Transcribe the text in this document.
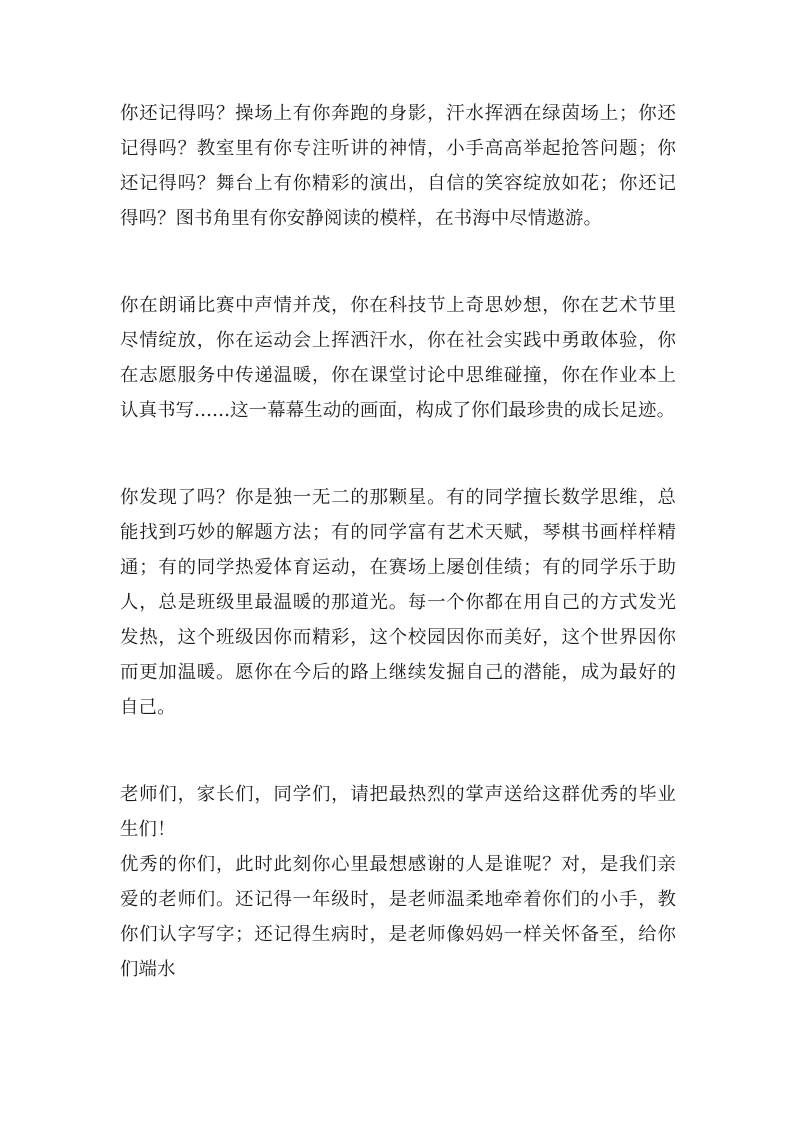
你还记得吗？操场上有你奔跑的身影，汗水挥洒在绿茵场上；你还记得吗？教室里有你专注听讲的神情，小手高高举起抢答问题；你还记得吗？舞台上有你精彩的演出，自信的笑容绽放如花；你还记得吗？图书角里有你安静阅读的模样，在书海中尽情遨游。

你在朗诵比赛中声情并茂，你在科技节上奇思妙想，你在艺术节里尽情绽放，你在运动会上挥洒汗水，你在社会实践中勇敢体验，你在志愿服务中传递温暖，你在课堂讨论中思维碰撞，你在作业本上认真书写......这一幕幕生动的画面，构成了你们最珍贵的成长足迹。

你发现了吗？你是独一无二的那颗星。有的同学擅长数学思维，总能找到巧妙的解题方法；有的同学富有艺术天赋，琴棋书画样样精通；有的同学热爱体育运动，在赛场上屡创佳绩；有的同学乐于助人，总是班级里最温暖的那道光。每一个你都在用自己的方式发光发热，这个班级因你而精彩，这个校园因你而美好，这个世界因你而更加温暖。愿你在今后的路上继续发掘自己的潜能，成为最好的自己。

老师们，家长们，同学们，请把最热烈的掌声送给这群优秀的毕业生们！

优秀的你们，此时此刻你心里最想感谢的人是谁呢？对，是我们亲爱的老师们。还记得一年级时，是老师温柔地牵着你们的小手，教你们认字写字；还记得生病时，是老师像妈妈一样关怀备至，给你们端水
